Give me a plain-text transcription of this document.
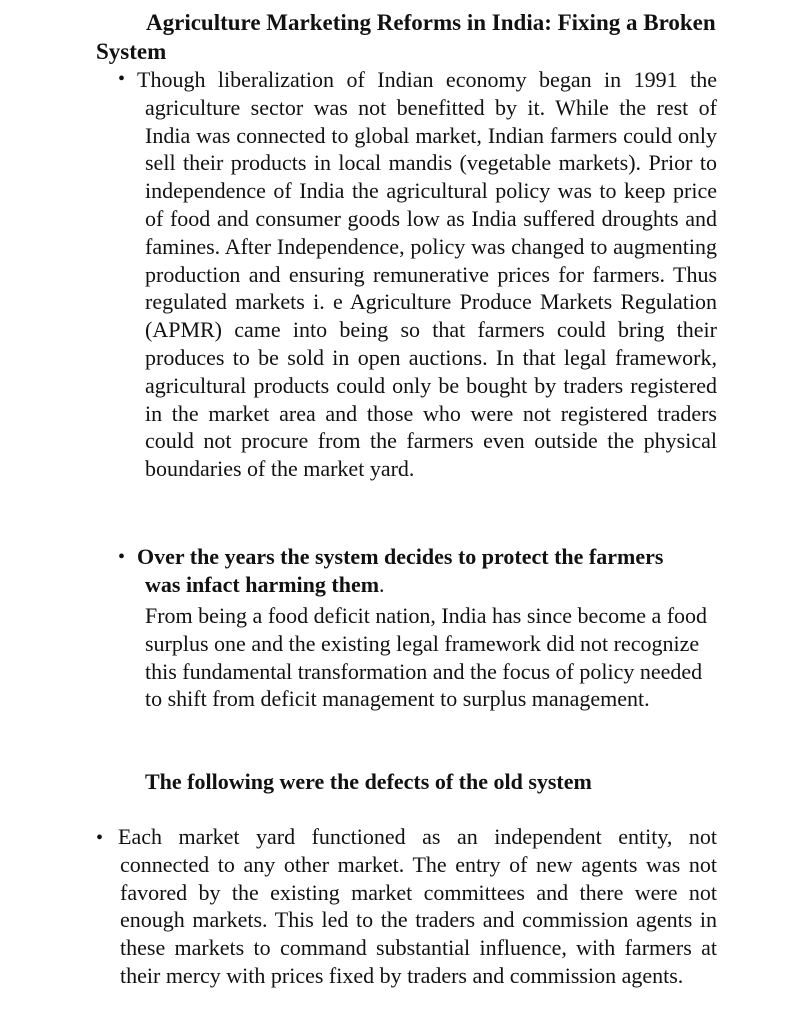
Agriculture Marketing Reforms in India: Fixing a Broken System
• Though liberalization of Indian economy began in 1991 the agriculture sector was not benefitted by it. While the rest of India was connected to global market, Indian farmers could only sell their products in local mandis (vegetable markets). Prior to independence of India the agricultural policy was to keep price of food and consumer goods low as India suffered droughts and famines. After Independence, policy was changed to augmenting production and ensuring remunerative prices for farmers. Thus regulated markets i. e Agriculture Produce Markets Regulation (APMR) came into being so that farmers could bring their produces to be sold in open auctions. In that legal framework, agricultural products could only be bought by traders registered in the market area and those who were not registered traders could not procure from the farmers even outside the physical boundaries of the market yard.
• Over the years the system decides to protect the farmers
was infact harming them.
From being a food deficit nation, India has since become a food surplus one and the existing legal framework did not recognize this fundamental transformation and the focus of policy needed to shift from deficit management to surplus management.
The following were the defects of the old system
• Each market yard functioned as an independent entity, not connected to any other market. The entry of new agents was not favored by the existing market committees and there were not enough markets. This led to the traders and commission agents in these markets to command substantial influence, with farmers at their mercy with prices fixed by traders and commission agents.
